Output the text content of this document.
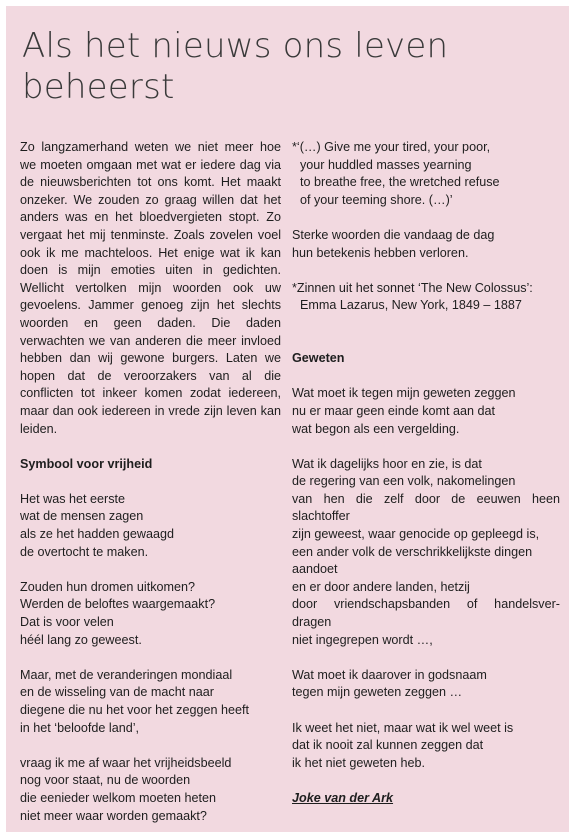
Als het nieuws ons leven beheerst

Zo langzamerhand weten we niet meer hoe we moeten omgaan met wat er iedere dag via de nieuwsberichten tot ons komt. Het maakt onzeker. We zouden zo graag willen dat het anders was en het bloedvergieten stopt. Zo vergaat het mij tenminste. Zoals zovelen voel ook ik me machteloos. Het enige wat ik kan doen is mijn emoties uiten in gedichten. Wellicht vertolken mijn woorden ook uw gevoelens. Jammer genoeg zijn het slechts woorden en geen daden. Die daden verwachten we van anderen die meer invloed hebben dan wij gewone burgers. Laten we hopen dat de veroorzakers van al die conflicten tot inkeer komen zodat iedereen, maar dan ook iedereen in vrede zijn leven kan leiden.

Symbool voor vrijheid
Het was het eerste
wat de mensen zagen
als ze het hadden gewaagd
de overtocht te maken.
Zouden hun dromen uitkomen?
Werden de beloftes waargemaakt?
Dat is voor velen
héél lang zo geweest.
Maar, met de veranderingen mondiaal
en de wisseling van de macht naar
diegene die nu het voor het zeggen heeft
in het ‘beloofde land’,
vraag ik me af waar het vrijheidsbeeld
nog voor staat, nu de woorden
die eenieder welkom moeten heten
niet meer waar worden gemaakt?
*‘(…) Give me your tired, your poor,
your huddled masses yearning
to breathe free, the wretched refuse
of your teeming shore. (…)’
Sterke woorden die vandaag de dag
hun betekenis hebben verloren.
*Zinnen uit het sonnet ‘The New Colossus’:
Emma Lazarus, New York, 1849 – 1887
Geweten
Wat moet ik tegen mijn geweten zeggen
nu er maar geen einde komt aan dat
wat begon als een vergelding.
Wat ik dagelijks hoor en zie, is dat
de regering van een volk, nakomelingen
van hen die zelf door de eeuwen heen
slachtoffer
zijn geweest, waar genocide op gepleegd is,
een ander volk de verschrikkelijkste dingen
aandoet
en er door andere landen, hetzij
door vriendschapsbanden of handelsver-
dragen
niet ingegrepen wordt …,
Wat moet ik daarover in godsnaam
tegen mijn geweten zeggen …
Ik weet het niet, maar wat ik wel weet is
dat ik nooit zal kunnen zeggen dat
ik het niet geweten heb.
Joke van der Ark
